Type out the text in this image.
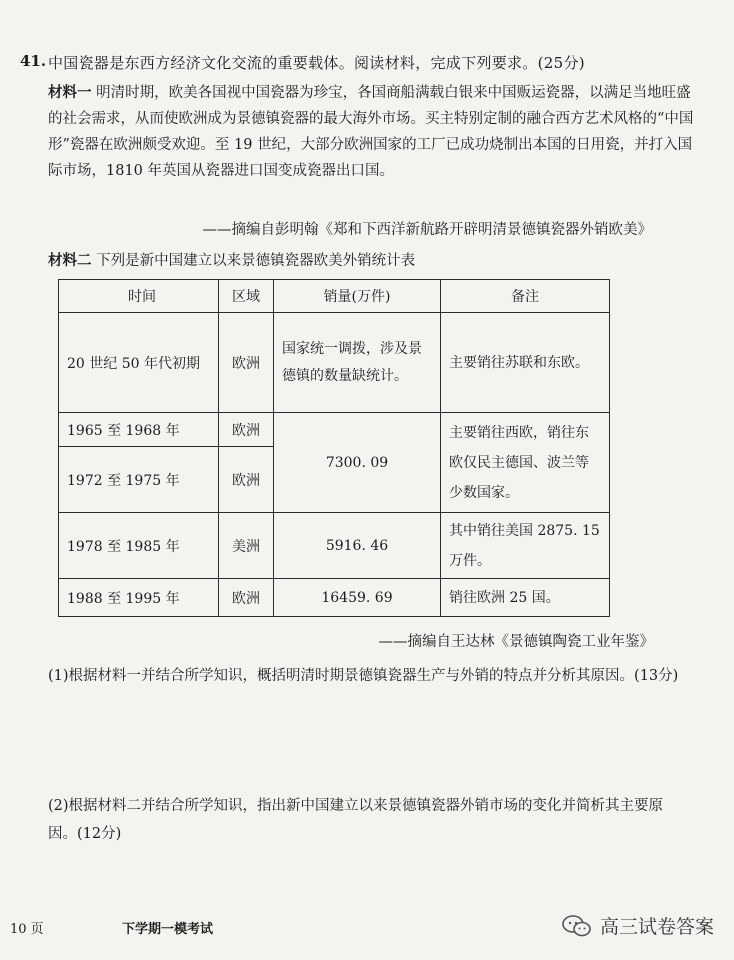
41. 中国瓷器是东西方经济文化交流的重要载体。阅读材料，完成下列要求。(25分)
材料一 明清时期，欧美各国视中国瓷器为珍宝，各国商船满载白银来中国贩运瓷器，以满足当地旺盛的社会需求，从而使欧洲成为景德镇瓷器的最大海外市场。买主特别定制的融合西方艺术风格的“中国形”瓷器在欧洲颇受欢迎。至 19 世纪，大部分欧洲国家的工厂已成功烧制出本国的日用瓷，并打入国际市场，1810 年英国从瓷器进口国变成瓷器出口国。
——摘编自彭明翰《郑和下西洋新航路开辟明清景德镇瓷器外销欧美》
材料二 下列是新中国建立以来景德镇瓷器欧美外销统计表
时间	区域	销量(万件)	备注
20 世纪 50 年代初期	欧洲	国家统一调拨，涉及景德镇的数量缺统计。	主要销往苏联和东欧。
1965 至 1968 年	欧洲	7300. 09	主要销往西欧，销往东欧仅民主德国、波兰等少数国家。
1972 至 1975 年	欧洲		
1978 至 1985 年	美洲	5916. 46	其中销往美国 2875. 15 万件。
1988 至 1995 年	欧洲	16459. 69	销往欧洲 25 国。
——摘编自王达林《景德镇陶瓷工业年鉴》
(1)根据材料一并结合所学知识，概括明清时期景德镇瓷器生产与外销的特点并分析其原因。(13分)
(2)根据材料二并结合所学知识，指出新中国建立以来景德镇瓷器外销市场的变化并简析其主要原因。(12分)
10 页	下学期一模考试	高三试卷答案
